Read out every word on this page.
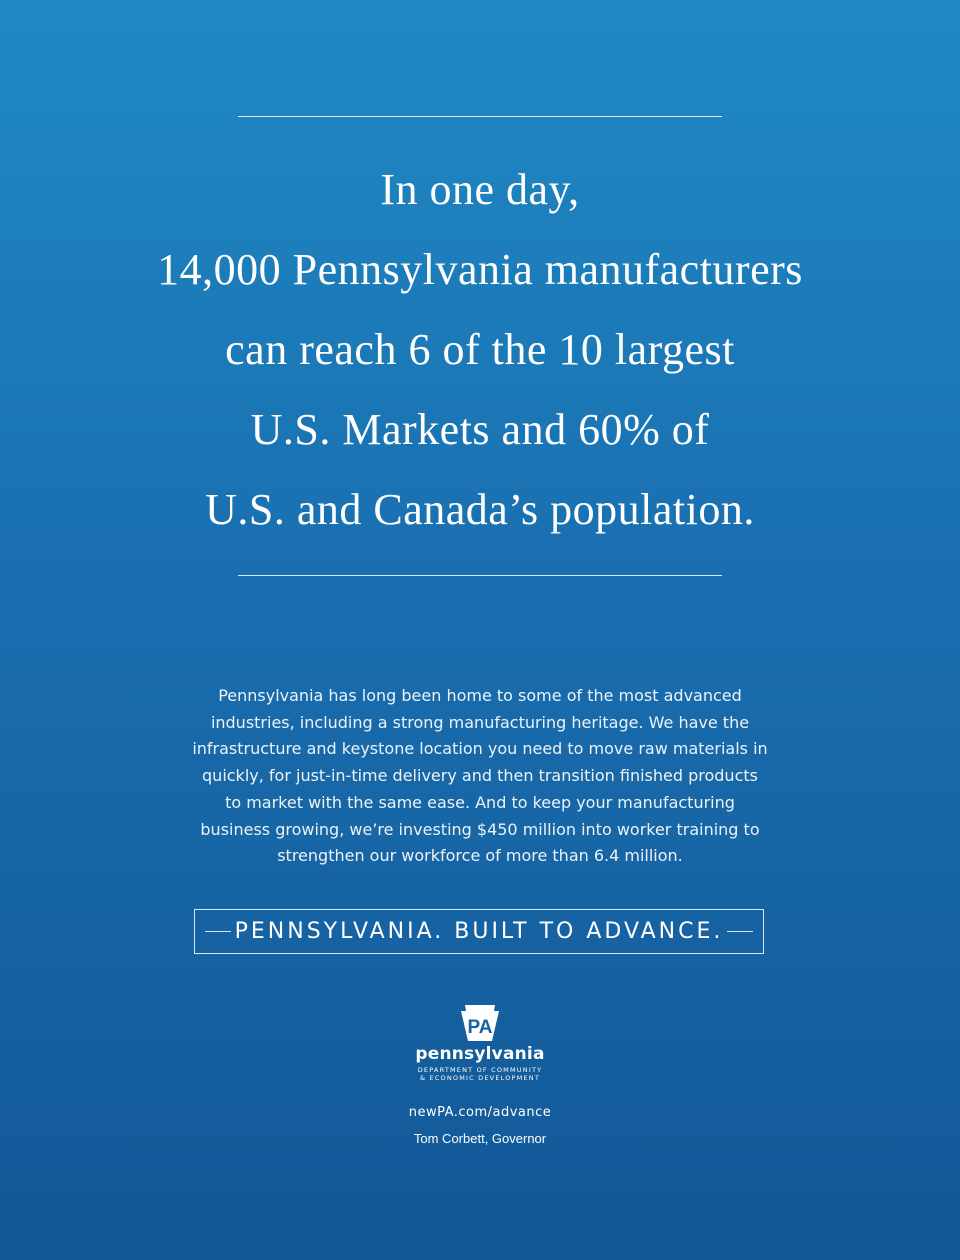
In one day,
14,000 Pennsylvania manufacturers
can reach 6 of the 10 largest
U.S. Markets and 60% of
U.S. and Canada’s population.
Pennsylvania has long been home to some of the most advanced
industries, including a strong manufacturing heritage. We have the
infrastructure and keystone location you need to move raw materials in
quickly, for just-in-time delivery and then transition finished products
to market with the same ease. And to keep your manufacturing
business growing, we’re investing $450 million into worker training to
strengthen our workforce of more than 6.4 million.
PENNSYLVANIA. BUILT TO ADVANCE.
PA
pennsylvania
DEPARTMENT OF COMMUNITY
& ECONOMIC DEVELOPMENT
newPA.com/advance
Tom Corbett, Governor
